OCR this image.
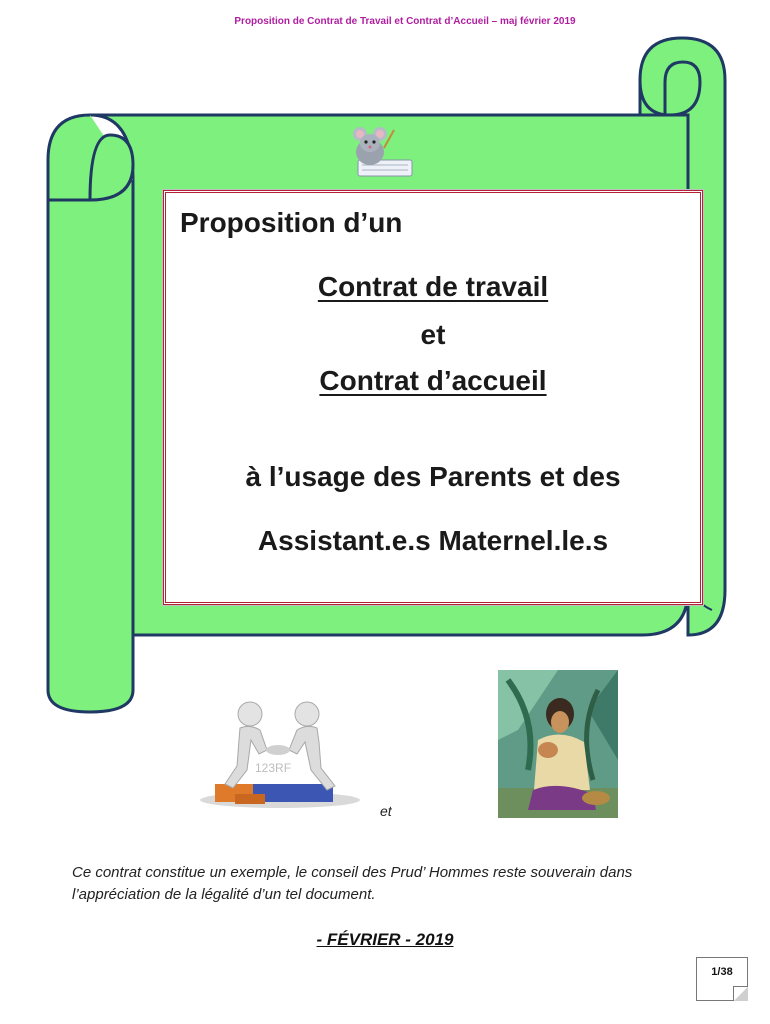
Proposition de Contrat de Travail et Contrat d’Accueil – maj février 2019
Proposition d’un
Contrat de travail
et
Contrat d’accueil
à l’usage des Parents et des
Assistant.e.s Maternel.le.s
123RF
et
Ce contrat constitue un exemple, le conseil des Prud’ Hommes reste souverain dans
l’appréciation de la légalité d’un tel document.
- FÉVRIER - 2019
1/38
